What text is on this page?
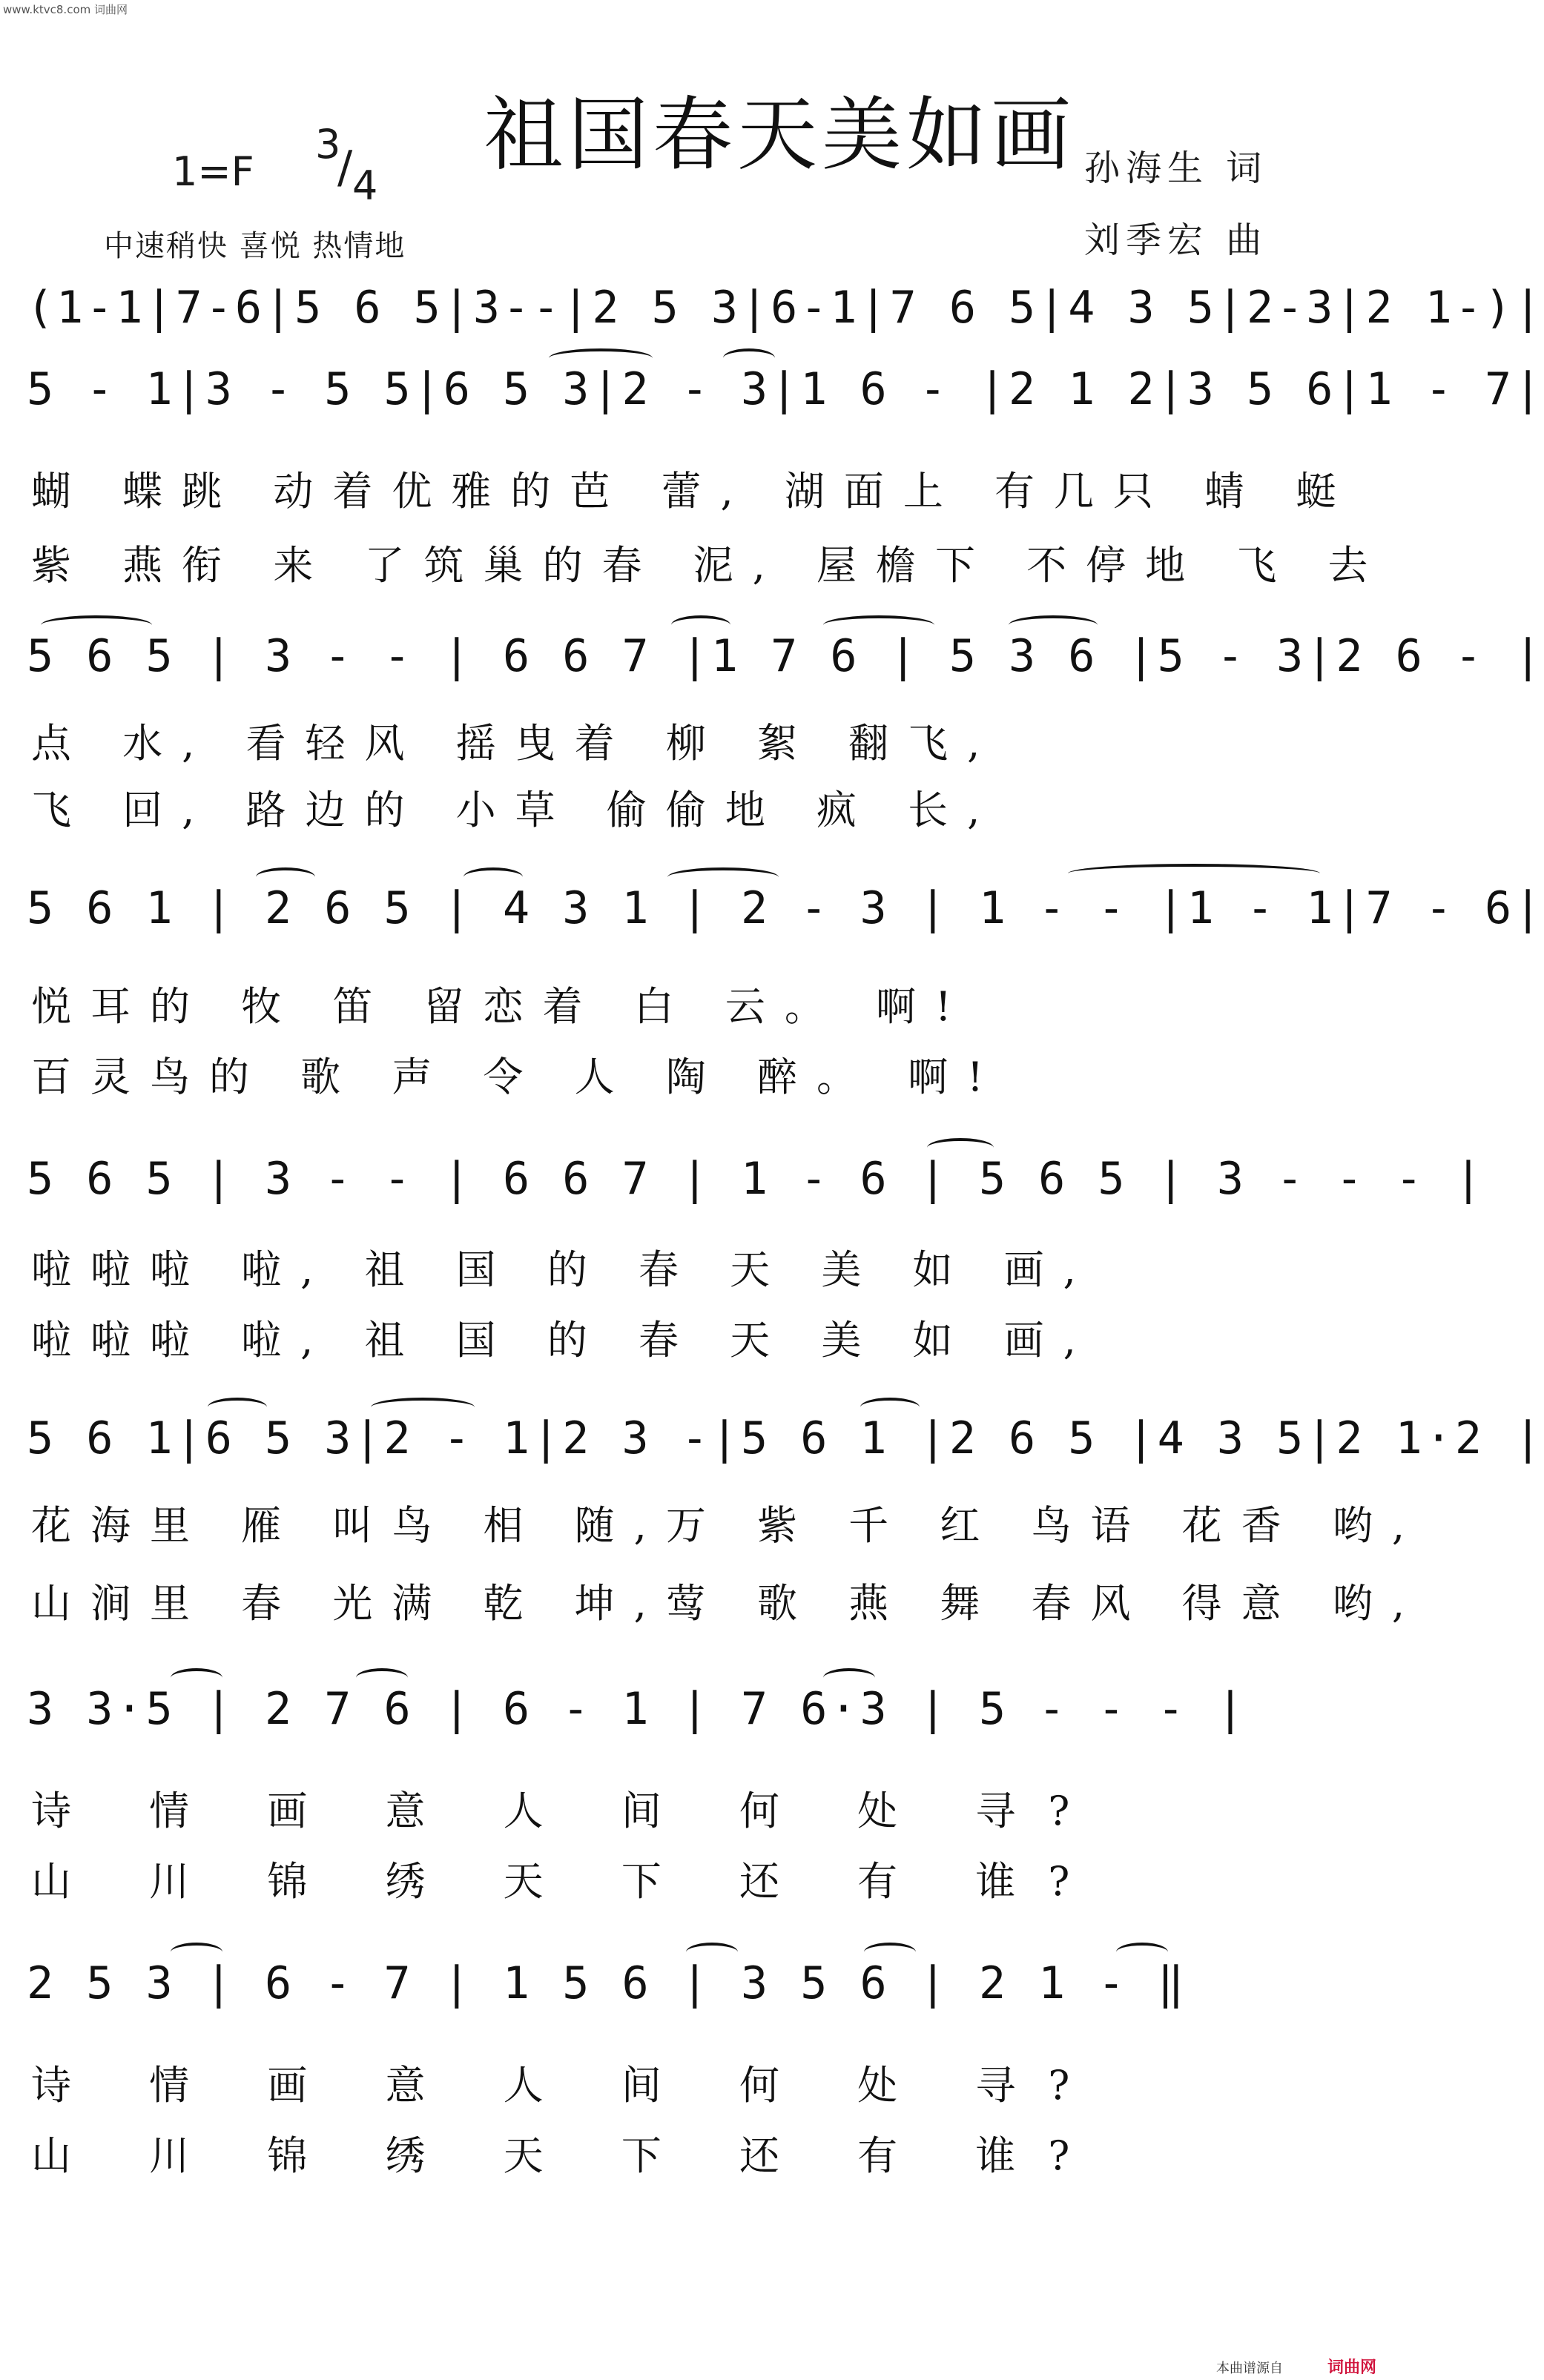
www.ktvc8.com 词曲网
祖国春天美如画
1=F
3
/ 4
中速稍快 喜悦 热情地
孙海生 词
刘季宏 曲
(1-1|7-6|5 6 5|3--|2 5 3|6-1|7 6 5|4 3 5|2-3|2 1-)|
5 - 1|3 - 5 5|6 5 3|2 - 3|1 6 - |2 1 2|3 5 6|1 - 7|
蝴 蝶跳 动着优雅的芭 蕾, 湖面上 有几只 蜻 蜓
紫 燕衔 来 了筑巢的春 泥, 屋檐下 不停地 飞 去
5 6 5 | 3 - - | 6 6 7 |1 7 6 | 5 3 6 |5 - 3|2 6 - |
点 水, 看轻风 摇曳着 柳 絮 翻飞,
飞 回, 路边的 小草 偷偷地 疯 长,
5 6 1 | 2 6 5 | 4 3 1 | 2 - 3 | 1 - - |1 - 1|7 - 6|
悦耳的 牧 笛 留恋着 白 云。 啊!
百灵鸟的 歌 声 令 人 陶 醉。 啊!
5 6 5 | 3 - - | 6 6 7 | 1 - 6 | 5 6 5 | 3 - - - |
啦啦啦 啦, 祖 国 的 春 天 美 如 画,
啦啦啦 啦, 祖 国 的 春 天 美 如 画,
5 6 1|6 5 3|2 - 1|2 3 -|5 6 1 |2 6 5 |4 3 5|2 1·2 |
花海里 雁 叫鸟 相 随,万 紫 千 红 鸟语 花香 哟,
山涧里 春 光满 乾 坤,莺 歌 燕 舞 春风 得意 哟,
3 3·5 | 2 7 6 | 6 - 1 | 7 6·3 | 5 - - - |
诗 情 画 意 人 间 何 处 寻?
山 川 锦 绣 天 下 还 有 谁?
2 5 3 | 6 - 7 | 1 5 6 | 3 5 6 | 2 1 - ‖
诗 情 画 意 人 间 何 处 寻?
山 川 锦 绣 天 下 还 有 谁?
本曲谱源自	词曲网
